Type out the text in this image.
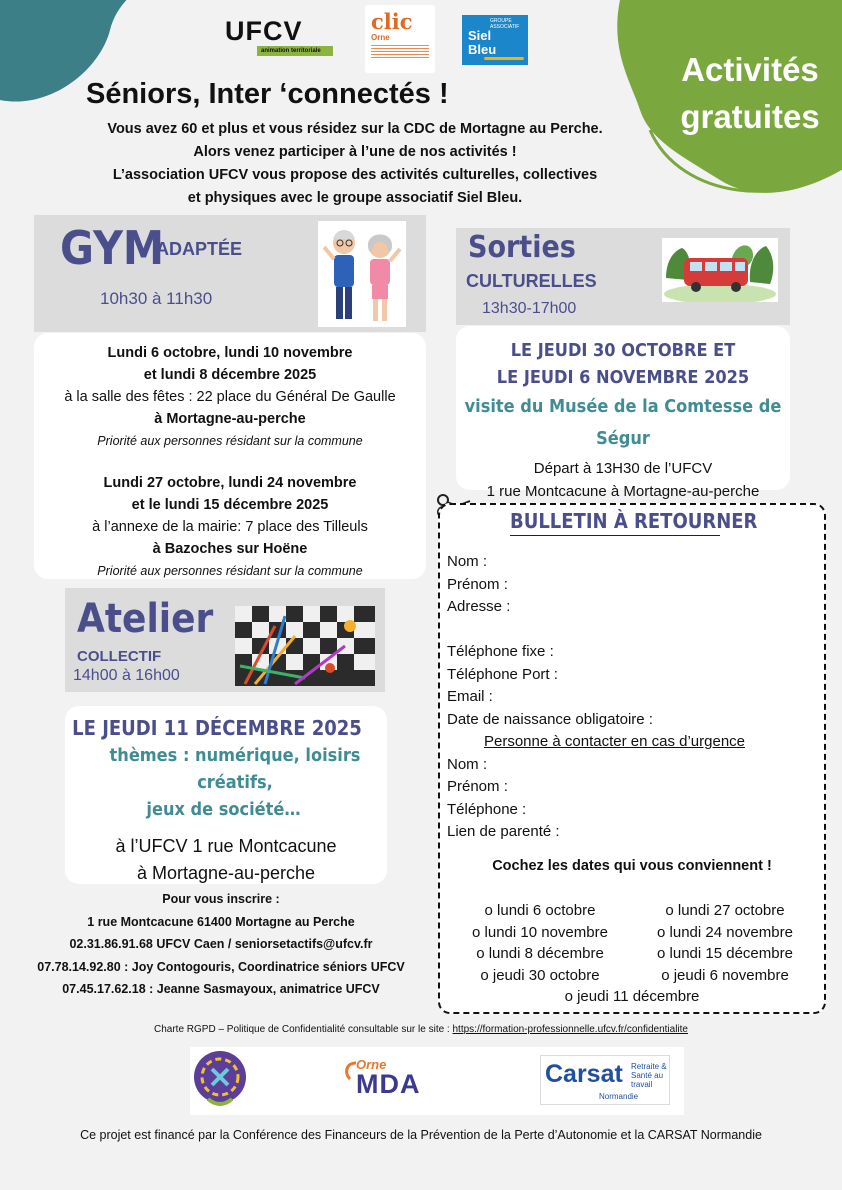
UFCV
animation territoriale
clic
Orne
GROUPE ASSOCIATIF
Siel Bleu
Séniors, Inter ‘connectés !
Vous avez 60 et plus et vous résidez sur la CDC de Mortagne au Perche.
Alors venez participer à l’une de nos activités !
L’association UFCV vous propose des activités culturelles, collectives
et physiques avec le groupe associatif Siel Bleu.
Activités
gratuites
GYM
ADAPTÉE
10h30 à 11h30

Lundi 6 octobre, lundi 10 novembre

et lundi 8 décembre 2025

à la salle des fêtes : 22 place du Général De Gaulle

à Mortagne-au-perche

Priorité aux personnes résidant sur la commune

Lundi 27 octobre, lundi 24 novembre

et le lundi 15 décembre 2025

à l’annexe de la mairie: 7 place des Tilleuls

à Bazoches sur Hoëne

Priorité aux personnes résidant sur la commune

Sorties
CULTURELLES
13h30-17h00
LE JEUDI 30 OCTOBRE ET
LE JEUDI 6 NOVEMBRE 2025
visite du Musée de la Comtesse de Ségur
Départ à 13H30 de l’UFCV
1 rue Montcacune à Mortagne-au-perche
Atelier
COLLECTIF
14h00 à 16h00
LE JEUDI 11 DÉCEMBRE 2025
thèmes : numérique, loisirs créatifs,
jeux de société…
à l’UFCV 1 rue Montcacune
à Mortagne-au-perche
Pour vous inscrire :
1 rue Montcacune 61400 Mortagne au Perche
02.31.86.91.68 UFCV Caen / seniorsetactifs@ufcv.fr
07.78.14.92.80 : Joy Contogouris, Coordinatrice séniors UFCV
07.45.17.62.18 : Jeanne Sasmayoux, animatrice UFCV
BULLETIN À RETOURNER
Nom :
Prénom :
Adresse :
Téléphone fixe :
Téléphone Port :
Email :
Date de naissance obligatoire :
Personne à contacter en cas d’urgence
Nom :
Prénom :
Téléphone :
Lien de parenté :
Cochez les dates qui vous conviennent !
o lundi 6 octobre
o lundi 10 novembre
o lundi 8 décembre
o jeudi 30 octobre
o lundi 27 octobre
o lundi 24 novembre
o lundi 15 décembre
o jeudi 6 novembre
o jeudi 11 décembre
Charte RGPD – Politique de Confidentialité consultable sur le site : https://formation-professionnelle.ufcv.fr/confidentialite
Orne
MDA	Carsat Retraite & Santé au travail
Normandie
Ce projet est financé par la Conférence des Financeurs de la Prévention de la Perte d’Autonomie et la CARSAT Normandie
